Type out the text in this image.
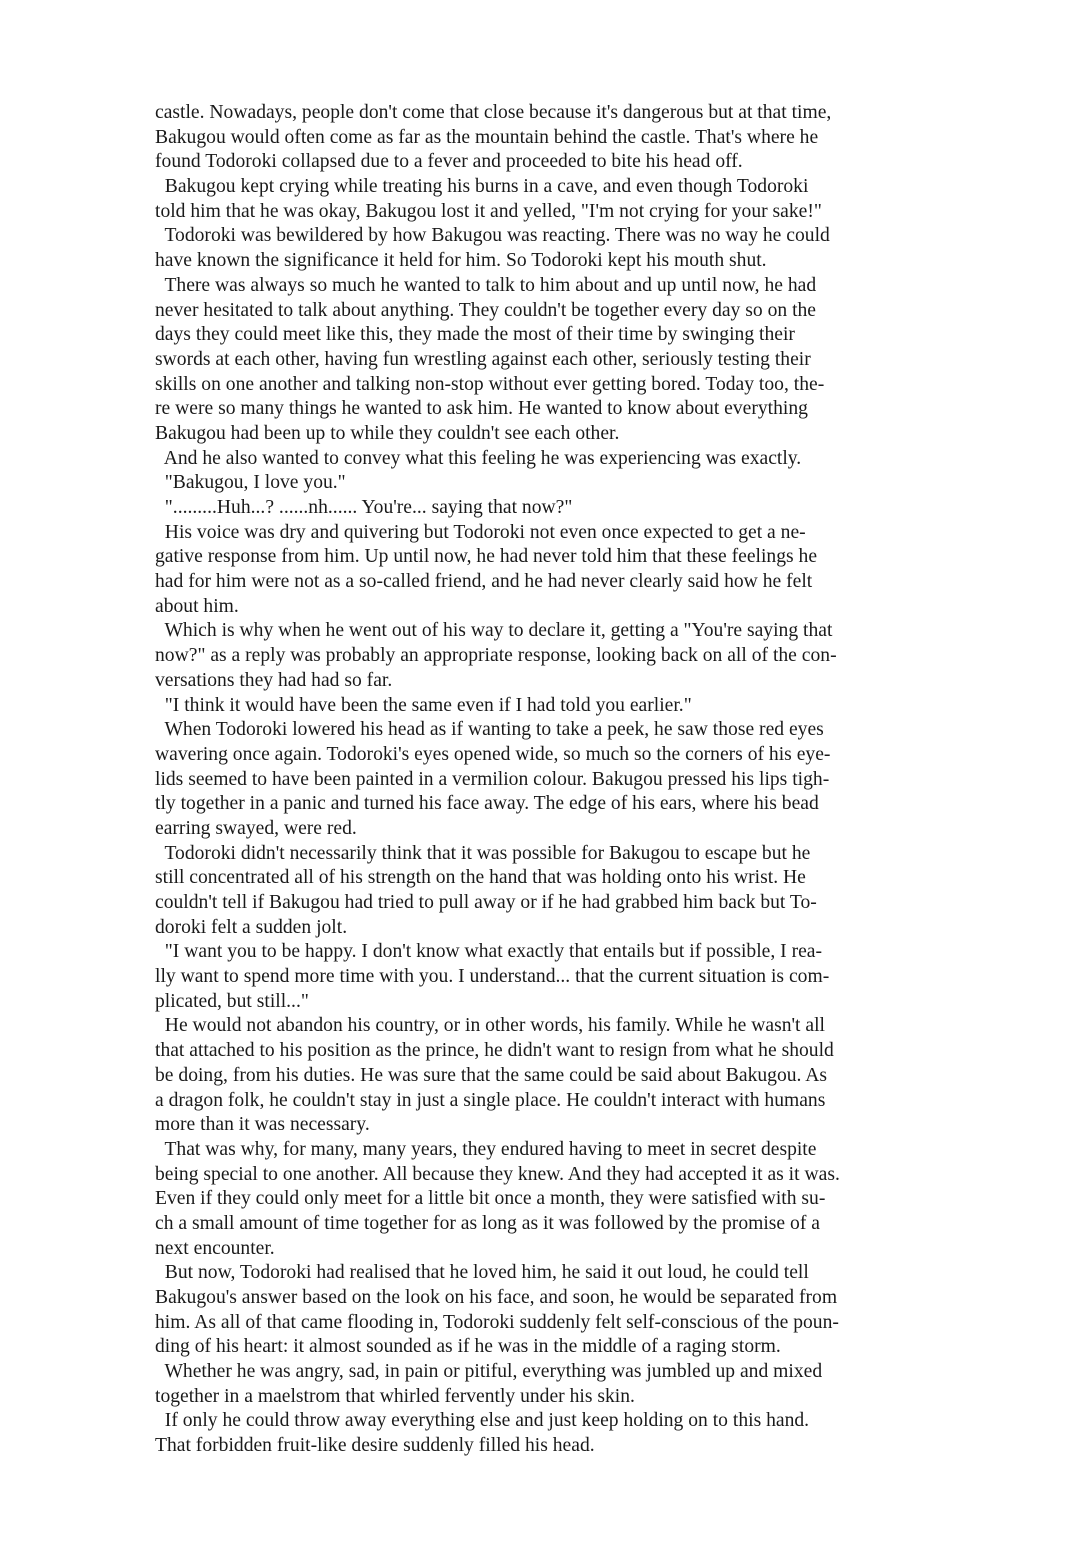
castle. Nowadays, people don't come that close because it's dangerous but at that time,
Bakugou would often come as far as the mountain behind the castle. That's where he
found Todoroki collapsed due to a fever and proceeded to bite his head off.
Bakugou kept crying while treating his burns in a cave, and even though Todoroki
told him that he was okay, Bakugou lost it and yelled, "I'm not crying for your sake!"
Todoroki was bewildered by how Bakugou was reacting. There was no way he could
have known the significance it held for him. So Todoroki kept his mouth shut.
There was always so much he wanted to talk to him about and up until now, he had
never hesitated to talk about anything. They couldn't be together every day so on the
days they could meet like this, they made the most of their time by swinging their
swords at each other, having fun wrestling against each other, seriously testing their
skills on one another and talking non-stop without ever getting bored. Today too, the-
re were so many things he wanted to ask him. He wanted to know about everything
Bakugou had been up to while they couldn't see each other.
And he also wanted to convey what this feeling he was experiencing was exactly.
"Bakugou, I love you."
".........Huh...? ......nh...... You're... saying that now?"
His voice was dry and quivering but Todoroki not even once expected to get a ne-
gative response from him. Up until now, he had never told him that these feelings he
had for him were not as a so-called friend, and he had never clearly said how he felt
about him.
Which is why when he went out of his way to declare it, getting a "You're saying that
now?" as a reply was probably an appropriate response, looking back on all of the con-
versations they had had so far.
"I think it would have been the same even if I had told you earlier."
When Todoroki lowered his head as if wanting to take a peek, he saw those red eyes
wavering once again. Todoroki's eyes opened wide, so much so the corners of his eye-
lids seemed to have been painted in a vermilion colour. Bakugou pressed his lips tigh-
tly together in a panic and turned his face away. The edge of his ears, where his bead
earring swayed, were red.
Todoroki didn't necessarily think that it was possible for Bakugou to escape but he
still concentrated all of his strength on the hand that was holding onto his wrist. He
couldn't tell if Bakugou had tried to pull away or if he had grabbed him back but To-
doroki felt a sudden jolt.
"I want you to be happy. I don't know what exactly that entails but if possible, I rea-
lly want to spend more time with you. I understand... that the current situation is com-
plicated, but still..."
He would not abandon his country, or in other words, his family. While he wasn't all
that attached to his position as the prince, he didn't want to resign from what he should
be doing, from his duties. He was sure that the same could be said about Bakugou. As
a dragon folk, he couldn't stay in just a single place. He couldn't interact with humans
more than it was necessary.
That was why, for many, many years, they endured having to meet in secret despite
being special to one another. All because they knew. And they had accepted it as it was.
Even if they could only meet for a little bit once a month, they were satisfied with su-
ch a small amount of time together for as long as it was followed by the promise of a
next encounter.
But now, Todoroki had realised that he loved him, he said it out loud, he could tell
Bakugou's answer based on the look on his face, and soon, he would be separated from
him. As all of that came flooding in, Todoroki suddenly felt self-conscious of the poun-
ding of his heart: it almost sounded as if he was in the middle of a raging storm.
Whether he was angry, sad, in pain or pitiful, everything was jumbled up and mixed
together in a maelstrom that whirled fervently under his skin.
If only he could throw away everything else and just keep holding on to this hand.
That forbidden fruit-like desire suddenly filled his head.
